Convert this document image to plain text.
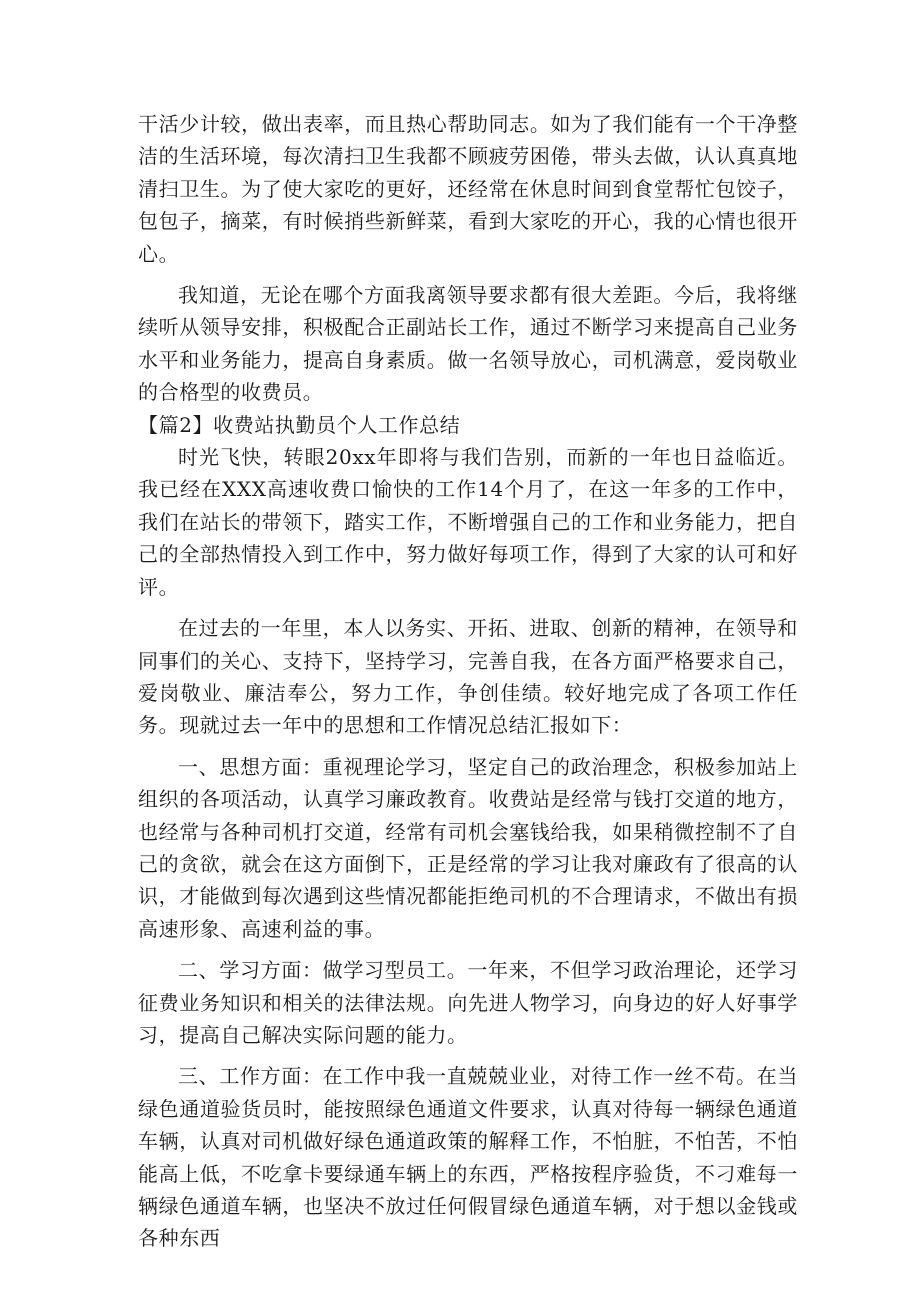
干活少计较，做出表率，而且热心帮助同志。如为了我们能有一个干净整洁的生活环境，每次清扫卫生我都不顾疲劳困倦，带头去做，认认真真地清扫卫生。为了使大家吃的更好，还经常在休息时间到食堂帮忙包饺子，包包子，摘菜，有时候捎些新鲜菜，看到大家吃的开心，我的心情也很开心。

我知道，无论在哪个方面我离领导要求都有很大差距。今后，我将继续听从领导安排，积极配合正副站长工作，通过不断学习来提高自己业务水平和业务能力，提高自身素质。做一名领导放心，司机满意，爱岗敬业的合格型的收费员。

【篇2】收费站执勤员个人工作总结

时光飞快，转眼20xx年即将与我们告别，而新的一年也日益临近。我已经在XXX高速收费口愉快的工作14个月了，在这一年多的工作中，我们在站长的带领下，踏实工作，不断增强自己的工作和业务能力，把自己的全部热情投入到工作中，努力做好每项工作，得到了大家的认可和好评。

在过去的一年里，本人以务实、开拓、进取、创新的精神，在领导和同事们的关心、支持下，坚持学习，完善自我，在各方面严格要求自己，爱岗敬业、廉洁奉公，努力工作，争创佳绩。较好地完成了各项工作任务。现就过去一年中的思想和工作情况总结汇报如下：

一、思想方面：重视理论学习，坚定自己的政治理念，积极参加站上组织的各项活动，认真学习廉政教育。收费站是经常与钱打交道的地方，也经常与各种司机打交道，经常有司机会塞钱给我，如果稍微控制不了自己的贪欲，就会在这方面倒下，正是经常的学习让我对廉政有了很高的认识，才能做到每次遇到这些情况都能拒绝司机的不合理请求，不做出有损高速形象、高速利益的事。

二、学习方面：做学习型员工。一年来，不但学习政治理论，还学习征费业务知识和相关的法律法规。向先进人物学习，向身边的好人好事学习，提高自己解决实际问题的能力。

三、工作方面：在工作中我一直兢兢业业，对待工作一丝不苟。在当绿色通道验货员时，能按照绿色通道文件要求，认真对待每一辆绿色通道车辆，认真对司机做好绿色通道政策的解释工作，不怕脏，不怕苦，不怕能高上低，不吃拿卡要绿通车辆上的东西，严格按程序验货，不刁难每一辆绿色通道车辆，也坚决不放过任何假冒绿色通道车辆，对于想以金钱或各种东西
